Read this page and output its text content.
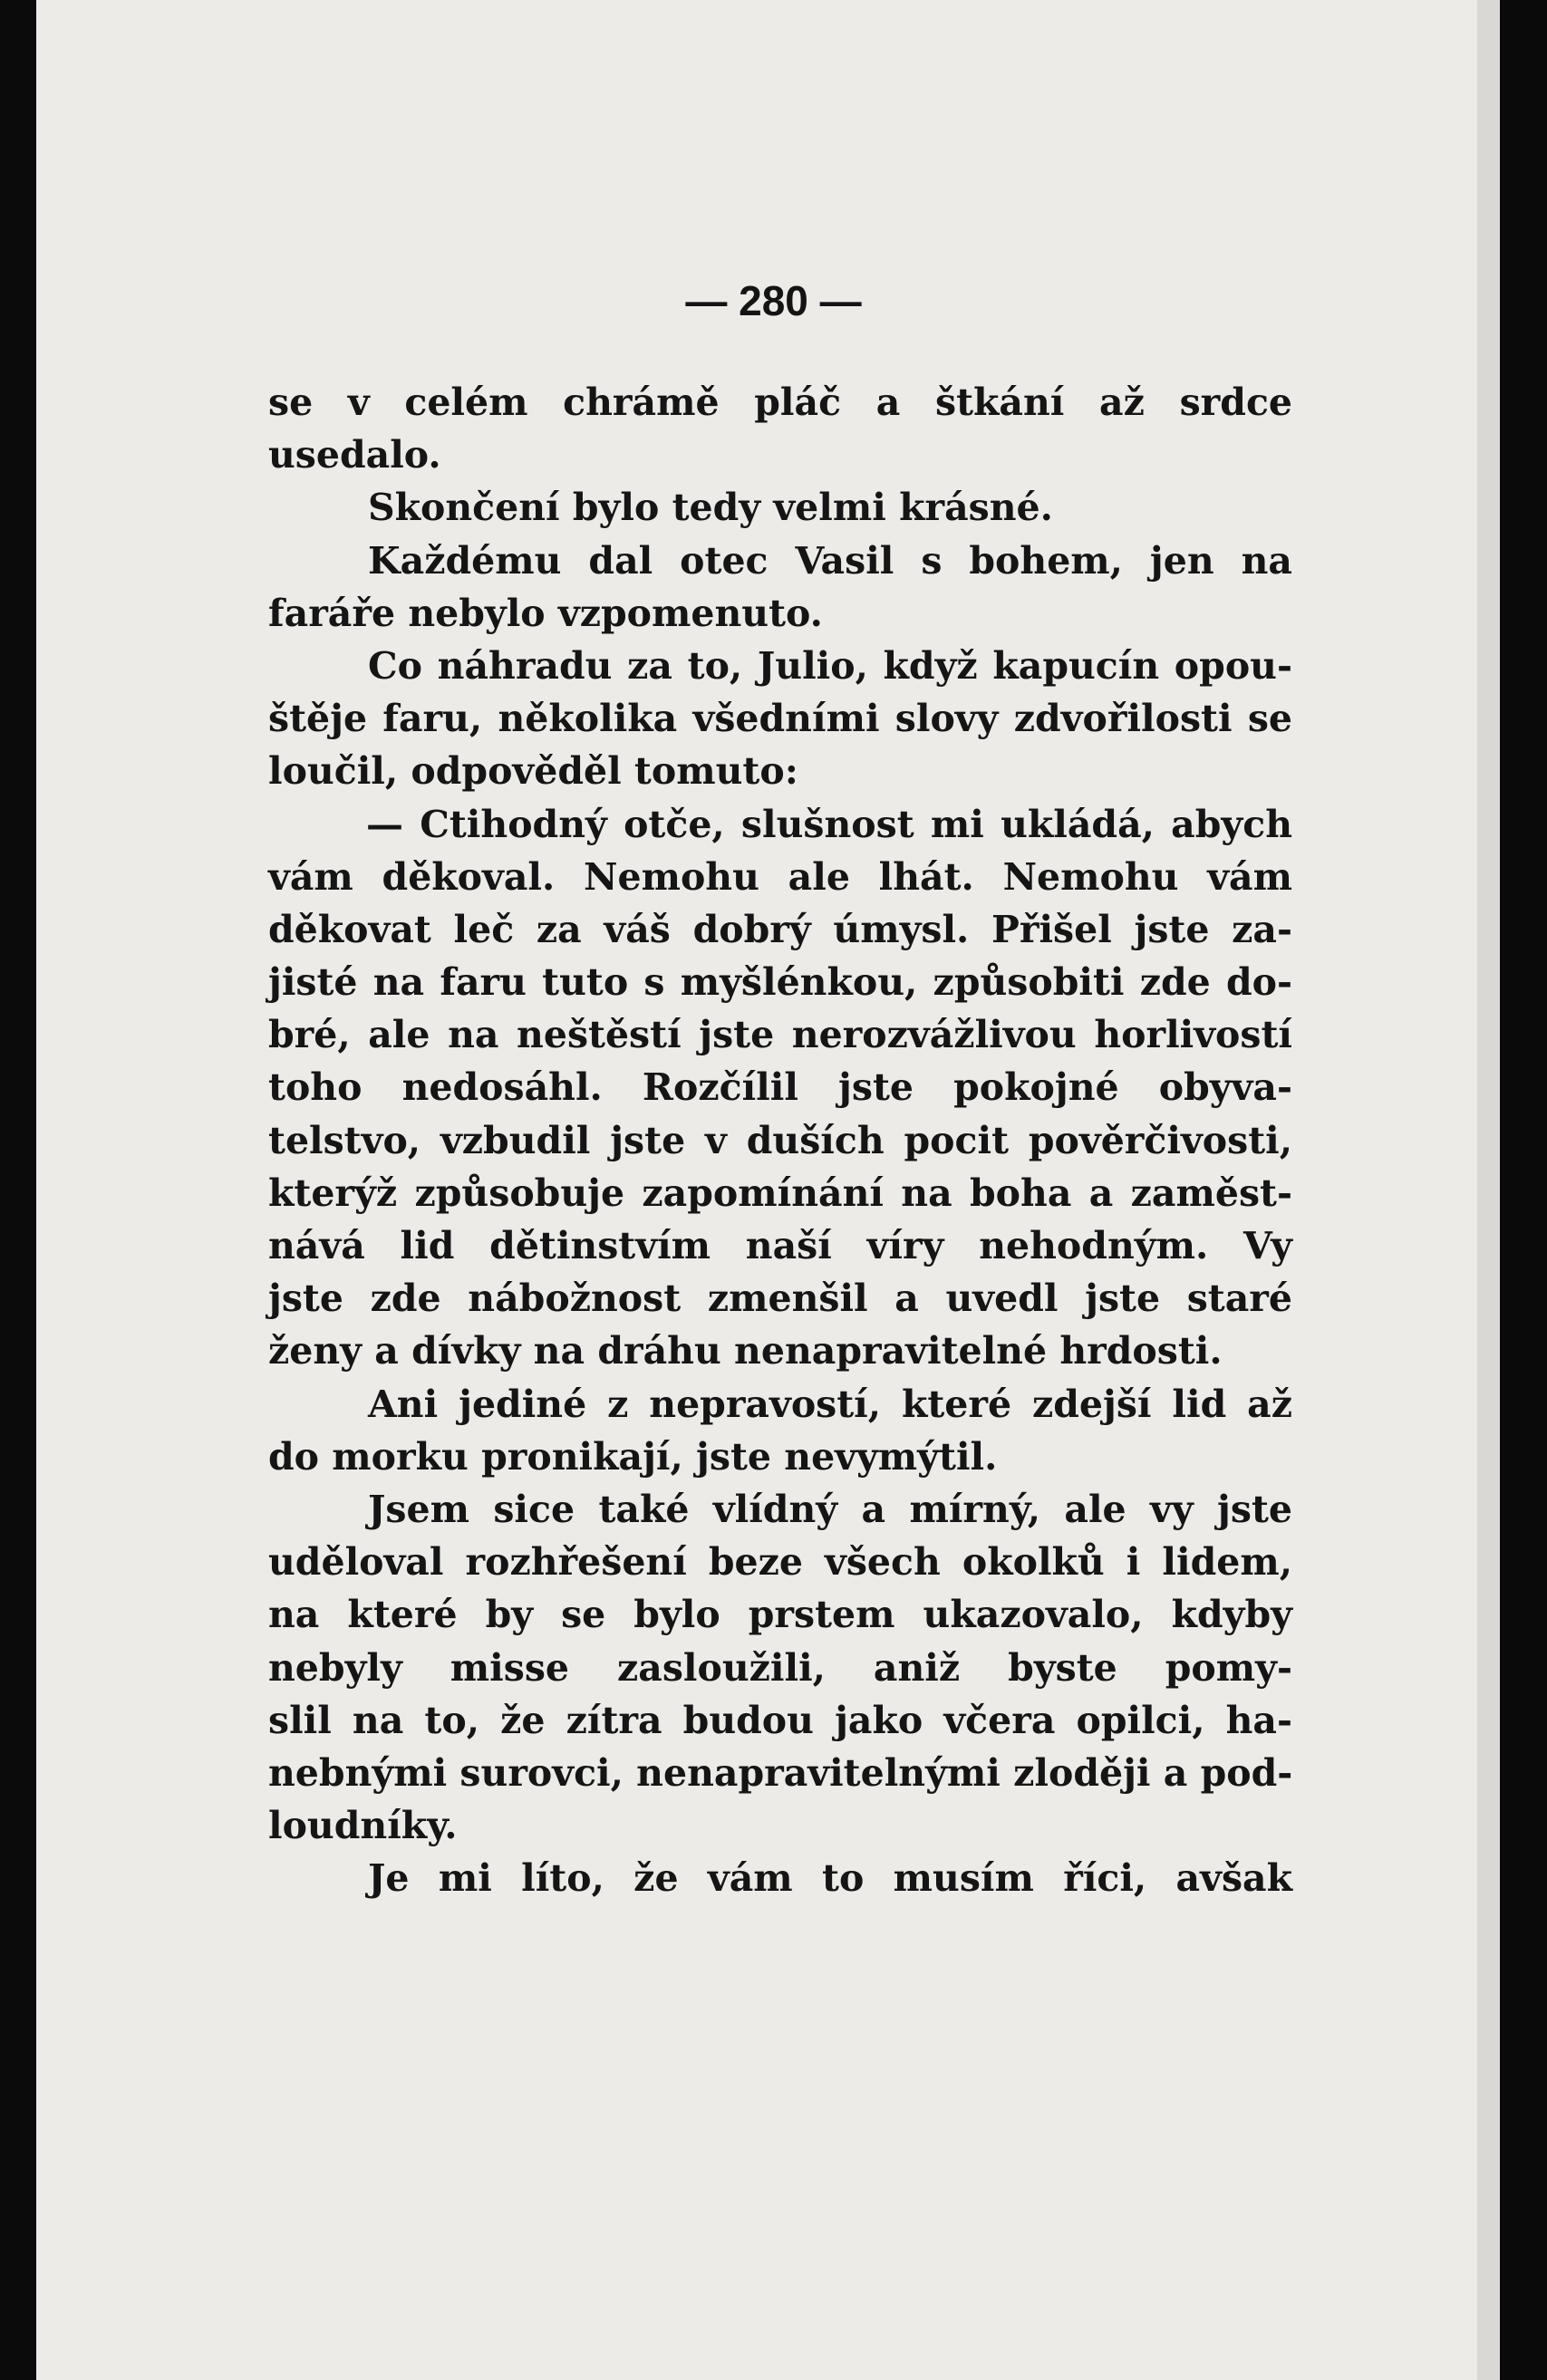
— 280 —

se v celém chrámě pláč a štkání až srdce
usedalo.
Skončení bylo tedy velmi krásné.
Každému dal otec Vasil s bohem, jen na
faráře nebylo vzpomenuto.
Co náhradu za to, Julio, když kapucín opou-
štěje faru, několika všedními slovy zdvořilosti se
loučil, odpověděl tomuto:
— Ctihodný otče, slušnost mi ukládá, abych
vám děkoval. Nemohu ale lhát. Nemohu vám
děkovat leč za váš dobrý úmysl. Přišel jste za-
jisté na faru tuto s myšlénkou, způsobiti zde do-
bré, ale na neštěstí jste nerozvážlivou horlivostí
toho nedosáhl. Rozčílil jste pokojné obyva-
telstvo, vzbudil jste v duších pocit pověrčivosti,
kterýž způsobuje zapomínání na boha a zaměst-
nává lid dětinstvím naší víry nehodným. Vy
jste zde nábožnost zmenšil a uvedl jste staré
ženy a dívky na dráhu nenapravitelné hrdosti.
Ani jediné z nepravostí, které zdejší lid až
do morku pronikají, jste nevymýtil.
Jsem sice také vlídný a mírný, ale vy jste
uděloval rozhřešení beze všech okolků i lidem,
na které by se bylo prstem ukazovalo, kdyby
nebyly misse zasloužili, aniž byste pomy-
slil na to, že zítra budou jako včera opilci, ha-
nebnými surovci, nenapravitelnými zloději a pod-
loudníky.
Je mi líto, že vám to musím říci, avšak
